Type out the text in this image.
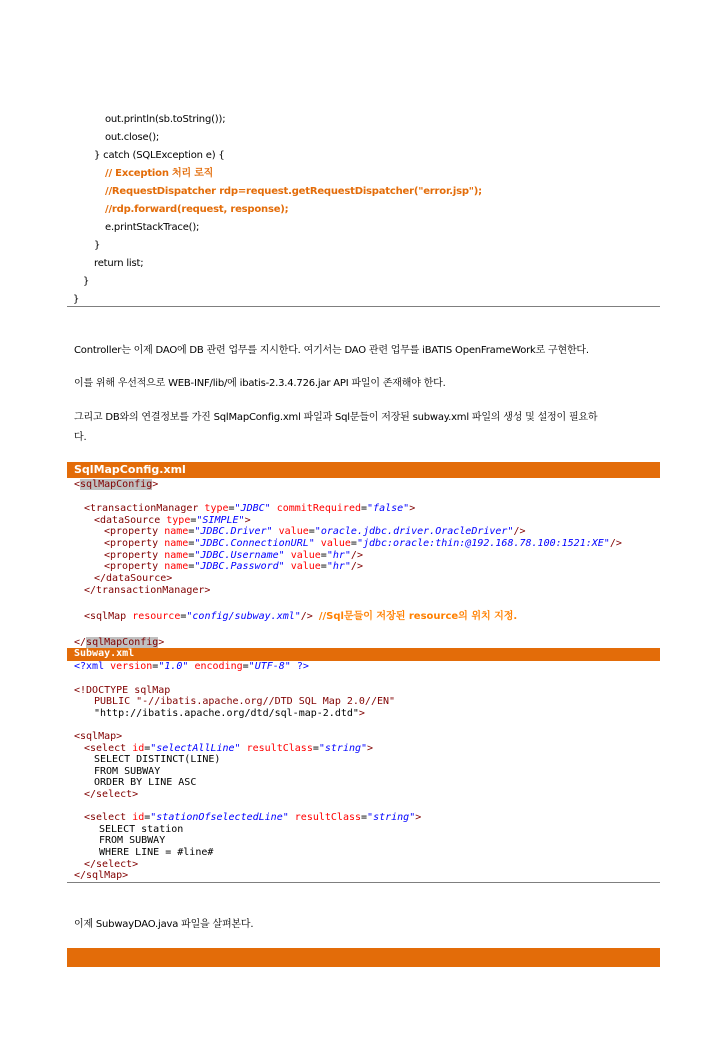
out.println(sb.toString());
out.close();
} catch (SQLException e) {
// Exception 처리 로직
//RequestDispatcher rdp=request.getRequestDispatcher("error.jsp");
//rdp.forward(request, response);
e.printStackTrace();
}
return list;
}
}
Controller는 이제 DAO에 DB 관련 업무를 지시한다. 여기서는 DAO 관련 업무를 iBATIS OpenFrameWork로 구현한다.
이를 위해 우선적으로 WEB-INF/lib/에 ibatis-2.3.4.726.jar API 파일이 존재해야 한다.
그리고 DB와의 연결정보를 가진 SqlMapConfig.xml 파일과 Sql문들이 저장된 subway.xml 파일의 생성 및 설정이 필요하
다.
SqlMapConfig.xml
<sqlMapConfig>
<transactionManager type="JDBC" commitRequired="false">
<dataSource type="SIMPLE">
<property name="JDBC.Driver" value="oracle.jdbc.driver.OracleDriver"/>
<property name="JDBC.ConnectionURL" value="jdbc:oracle:thin:@192.168.78.100:1521:XE"/>
<property name="JDBC.Username" value="hr"/>
<property name="JDBC.Password" value="hr"/>
</dataSource>
</transactionManager>
<sqlMap resource="config/subway.xml"/> //Sql문들이 저장된 resource의 위치 지정.
</sqlMapConfig>
Subway.xml
<?xml version="1.0" encoding="UTF-8" ?>
<!DOCTYPE sqlMap
PUBLIC "-//ibatis.apache.org//DTD SQL Map 2.0//EN"
"http://ibatis.apache.org/dtd/sql-map-2.dtd">
<sqlMap>
<select id="selectAllLine" resultClass="string">
SELECT DISTINCT(LINE)
FROM SUBWAY
ORDER BY LINE ASC
</select>
<select id="stationOfselectedLine" resultClass="string">
SELECT station
FROM SUBWAY
WHERE LINE = #line#
</select>
</sqlMap>
이제 SubwayDAO.java 파일을 살펴본다.
